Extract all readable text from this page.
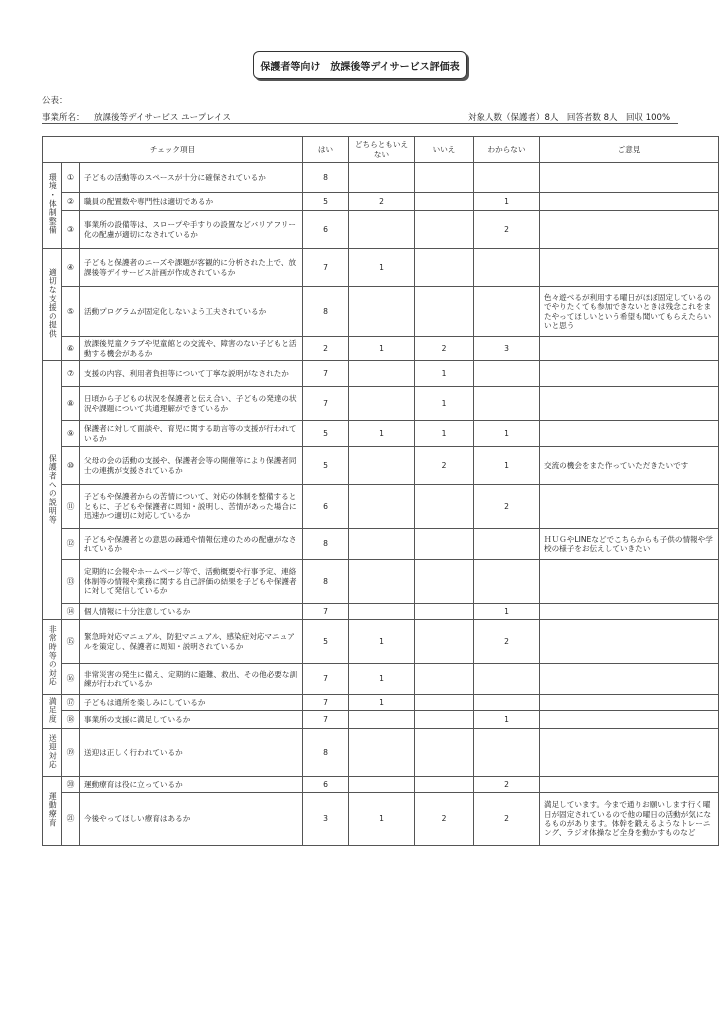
保護者等向け　放課後等デイサービス評価表
公表：
事業所名： 放課後等デイサービス ユープレイス	対象人数（保護者）8人　回答者数 8人　回収 100%
チェック項目			はい	どちらともいえない	いいえ	わからない	ご意見
環境・体制整備	①	子どもの活動等のスペースが十分に確保されているか	8				
	②	職員の配置数や専門性は適切であるか	5	2		1	
	③	事業所の設備等は、スロープや手すりの設置などバリアフリー化の配慮が適切になされているか	6			2	
適切な支援の提供	④	子どもと保護者のニーズや課題が客観的に分析された上で、放課後等デイサービス計画が作成されているか	7	1			
	⑤	活動プログラムが固定化しないよう工夫されているか	8				色々遊べるが利用する曜日がほぼ固定しているのでやりたくても参加できないときは残念これをまたやってほしいという希望も聞いてもらえたらいいと思う
	⑥	放課後児童クラブや児童館との交流や、障害のない子どもと活動する機会があるか	2	1	2	3	
保護者への説明等	⑦	支援の内容、利用者負担等について丁寧な説明がなされたか	7		1		
	⑧	日頃から子どもの状況を保護者と伝え合い、子どもの発達の状況や課題について共通理解ができているか	7		1		
	⑨	保護者に対して面談や、育児に関する助言等の支援が行われているか	5	1	1	1	
	⑩	父母の会の活動の支援や、保護者会等の開催等により保護者同士の連携が支援されているか	5		2	1	交流の機会をまた作っていただきたいです
	⑪	子どもや保護者からの苦情について、対応の体制を整備するとともに、子どもや保護者に周知・説明し、苦情があった場合に迅速かつ適切に対応しているか	6			2	
	⑫	子どもや保護者との意思の疎通や情報伝達のための配慮がなされているか	8				ＨＵＧやLINEなどでこちらからも子供の情報や学校の様子をお伝えしていきたい
	⑬	定期的に会報やホームページ等で、活動概要や行事予定、連絡体制等の情報や業務に関する自己評価の結果を子どもや保護者に対して発信しているか	8				
	⑭	個人情報に十分注意しているか	7			1	
非常時等の対応	⑮	緊急時対応マニュアル、防犯マニュアル、感染症対応マニュアルを策定し、保護者に周知・説明されているか	5	1		2	
	⑯	非常災害の発生に備え、定期的に避難、救出、その他必要な訓練が行われているか	7	1			
満足度	⑰	子どもは通所を楽しみにしているか	7	1			
	⑱	事業所の支援に満足しているか	7			1	
送迎対応	⑲	送迎は正しく行われているか	8				
運動療育	⑳	運動療育は役に立っているか	6			2	
	㉑	今後やってほしい療育はあるか	3	1	2	2	満足しています。今まで通りお願いします行く曜日が固定されているので他の曜日の活動が気になるものがあります。体幹を鍛えるようなトレーニング、ラジオ体操など全身を動かすものなど
